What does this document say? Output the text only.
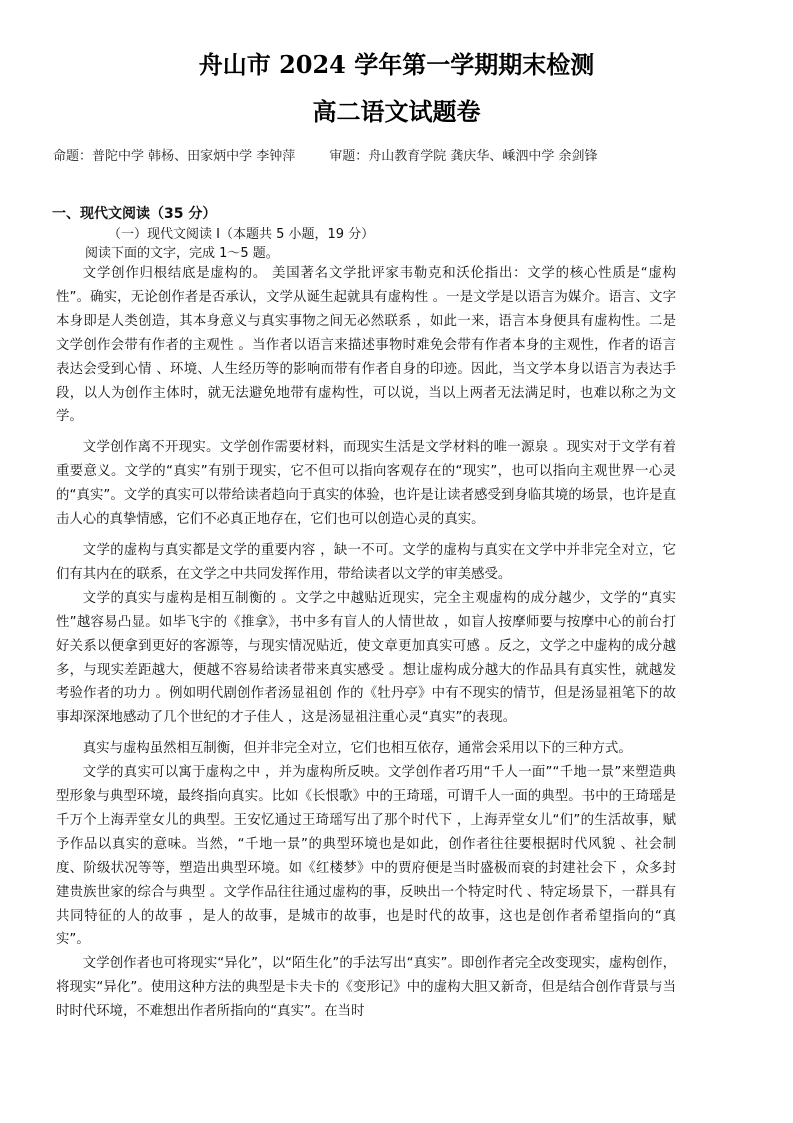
舟山市 2024 学年第一学期期末检测
高二语文试题卷
命题：普陀中学 韩杨、田家炳中学 李钟萍	审题：舟山教育学院 龚庆华、嵊泗中学 余剑锋
一、现代文阅读（35 分）
（一）现代文阅读 I（本题共 5 小题，19 分）
阅读下面的文字，完成 1～5 题。

文学创作归根结底是虚构的。 美国著名文学批评家韦勒克和沃伦指出：文学的核心性质是“虚构性”。确实，无论创作者是否承认，文学从诞生起就具有虚构性 。一是文学是以语言为媒介。语言、文字本身即是人类创造，其本身意义与真实事物之间无必然联系 ，如此一来，语言本身便具有虚构性。二是文学创作会带有作者的主观性 。当作者以语言来描述事物时难免会带有作者本身的主观性，作者的语言表达会受到心情 、环境、人生经历等的影响而带有作者自身的印迹。因此，当文学本身以语言为表达手段，以人为创作主体时，就无法避免地带有虚构性，可以说，当以上两者无法满足时，也难以称之为文学。

文学创作离不开现实。文学创作需要材料，而现实生活是文学材料的唯一源泉 。现实对于文学有着重要意义。文学的“真实”有别于现实，它不但可以指向客观存在的“现实”，也可以指向主观世界一心灵的“真实”。文学的真实可以带给读者趋向于真实的体验，也许是让读者感受到身临其境的场景，也许是直击人心的真挚情感，它们不必真正地存在，它们也可以创造心灵的真实。

文学的虚构与真实都是文学的重要内容 ，缺一不可。文学的虚构与真实在文学中并非完全对立，它们有其内在的联系，在文学之中共同发挥作用，带给读者以文学的审美感受。

文学的真实与虚构是相互制衡的 。文学之中越贴近现实，完全主观虚构的成分越少，文学的“真实性”越容易凸显。如毕飞宇的《推拿》，书中多有盲人的人情世故 ，如盲人按摩师要与按摩中心的前台打好关系以便拿到更好的客源等，与现实情况贴近，使文章更加真实可感 。反之，文学之中虚构的成分越多，与现实差距越大，便越不容易给读者带来真实感受 。想让虚构成分越大的作品具有真实性，就越发考验作者的功力 。例如明代剧创作者汤显祖创 作的《牡丹亭》中有不现实的情节，但是汤显祖笔下的故事却深深地感动了几个世纪的才子佳人 ，这是汤显祖注重心灵“真实”的表现。

真实与虚构虽然相互制衡，但并非完全对立，它们也相互依存，通常会采用以下的三种方式。

文学的真实可以寓于虚构之中 ，并为虚构所反映。文学创作者巧用“千人一面”“千地一景”来塑造典型形象与典型环境，最终指向真实。比如《长恨歌》中的王琦瑶，可谓千人一面的典型。书中的王琦瑶是千万个上海弄堂女儿的典型。王安忆通过王琦瑶写出了那个时代下 ，上海弄堂女儿“们”的生活故事，赋予作品以真实的意味。当然，“千地一景”的典型环境也是如此，创作者往往要根据时代风貌 、社会制度、阶级状况等等，塑造出典型环境。如《红楼梦》中的贾府便是当时盛极而衰的封建社会下 ，众多封建贵族世家的综合与典型 。文学作品往往通过虚构的事，反映出一个特定时代 、特定场景下，一群具有共同特征的人的故事 ，是人的故事，是城市的故事，也是时代的故事，这也是创作者希望指向的“真实”。

文学创作者也可将现实“异化”，以“陌生化”的手法写出“真实”。即创作者完全改变现实，虚构创作，将现实“异化”。使用这种方法的典型是卡夫卡的《变形记》中的虚构大胆又新奇，但是结合创作背景与当时时代环境，不难想出作者所指向的“真实”。在当时
